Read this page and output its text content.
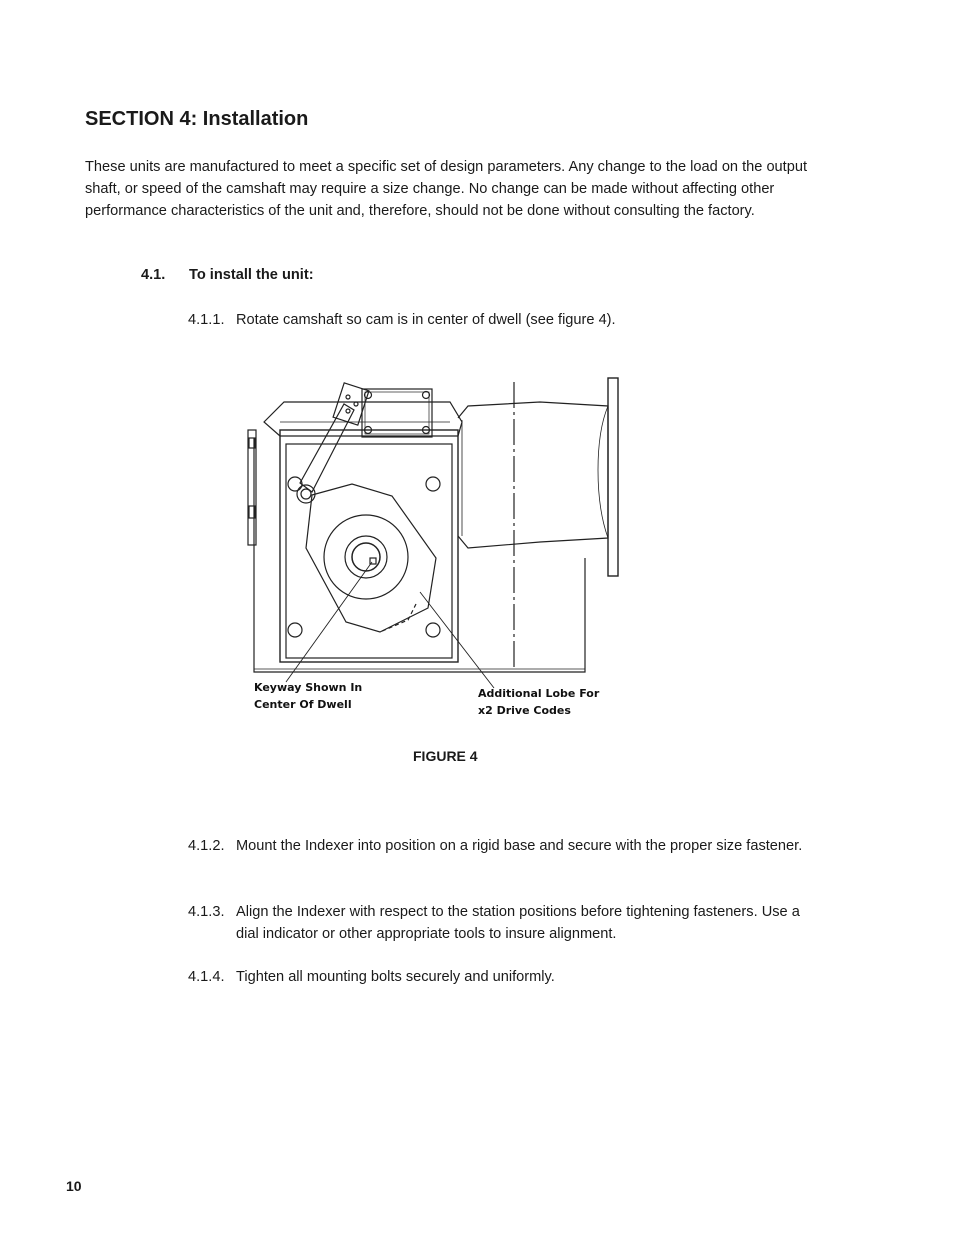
SECTION 4: Installation

These units are manufactured to meet a specific set of design parameters. Any change to the load on the output shaft, or speed of the camshaft may require a size change. No change can be made without affecting other performance characteristics of the unit and, therefore, should not be done without consulting the factory.

4.1. To install the unit:
4.1.1. Rotate camshaft so cam is in center of dwell (see figure 4).
Keyway Shown In
Center Of Dwell
Additional Lobe For
x2 Drive Codes
FIGURE 4
4.1.2. Mount the Indexer into position on a rigid base and secure with the proper size fastener.
4.1.3. Align the Indexer with respect to the station positions before tightening fasteners. Use a dial indicator or other appropriate tools to insure alignment.
4.1.4. Tighten all mounting bolts securely and uniformly.
10
